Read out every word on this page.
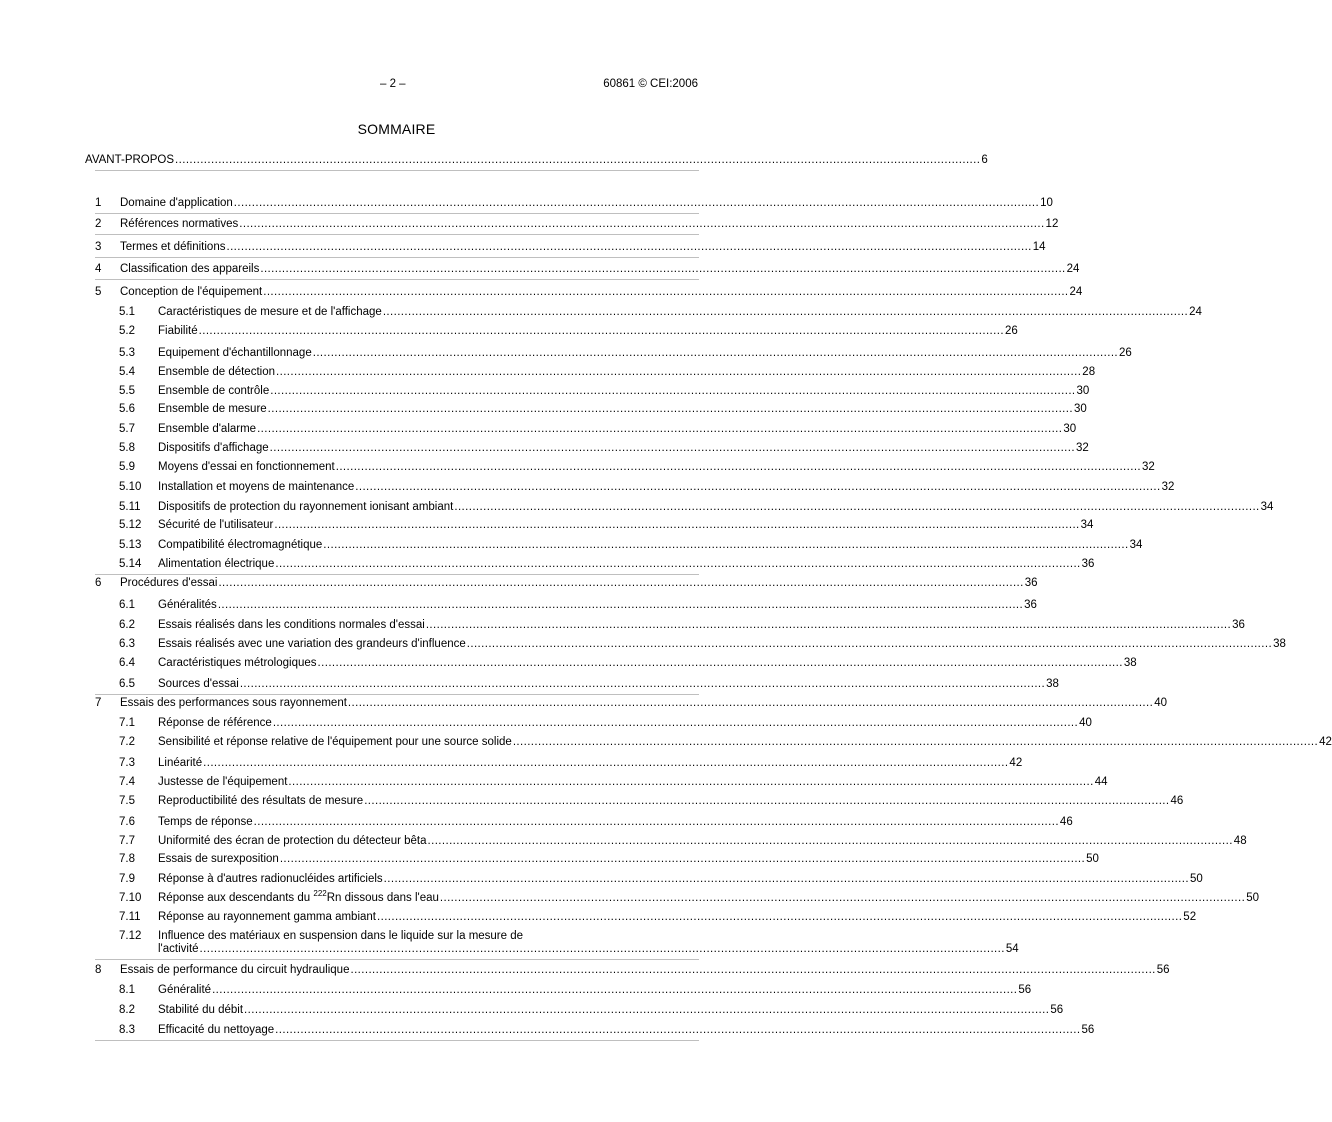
– 2 –	60861 © CEI:2006
SOMMAIRE
AVANT-PROPOS .....	6
1 Domaine d'application .....	10
2 Références normatives .....	12
3 Termes et définitions .....	14
4 Classification des appareils .....	24
5 Conception de l'équipement .....	24
5.1 Caractéristiques de mesure et de l'affichage .....	24
5.2 Fiabilité .....	26
5.3 Equipement d'échantillonnage .....	26
5.4 Ensemble de détection .....	28
5.5 Ensemble de contrôle .....	30
5.6 Ensemble de mesure .....	30
5.7 Ensemble d'alarme .....	30
5.8 Dispositifs d'affichage .....	32
5.9 Moyens d'essai en fonctionnement .....	32
5.10 Installation et moyens de maintenance .....	32
5.11 Dispositifs de protection du rayonnement ionisant ambiant .....	34
5.12 Sécurité de l'utilisateur .....	34
5.13 Compatibilité électromagnétique .....	34
5.14 Alimentation électrique .....	36
6 Procédures d'essai .....	36
6.1 Généralités .....	36
6.2 Essais réalisés dans les conditions normales d'essai .....	36
6.3 Essais réalisés avec une variation des grandeurs d'influence .....	38
6.4 Caractéristiques métrologiques .....	38
6.5 Sources d'essai .....	38
7 Essais des performances sous rayonnement .....	40
7.1 Réponse de référence .....	40
7.2 Sensibilité et réponse relative de l'équipement pour une source solide .....	42
7.3 Linéarité .....	42
7.4 Justesse de l'équipement .....	44
7.5 Reproductibilité des résultats de mesure .....	46
7.6 Temps de réponse .....	46
7.7 Uniformité des écran de protection du détecteur bêta .....	48
7.8 Essais de surexposition .....	50
7.9 Réponse à d'autres radionucléides artificiels .....	50
7.10 Réponse aux descendants du $^{222}$Rn dissous dans l'eau .....	50
7.11 Réponse au rayonnement gamma ambiant .....	52
7.12 Influence des matériaux en suspension dans le liquide sur la mesure de
l'activité .....	54
8 Essais de performance du circuit hydraulique .....	56
8.1 Généralité .....	56
8.2 Stabilité du débit .....	56
8.3 Efficacité du nettoyage .....	56
